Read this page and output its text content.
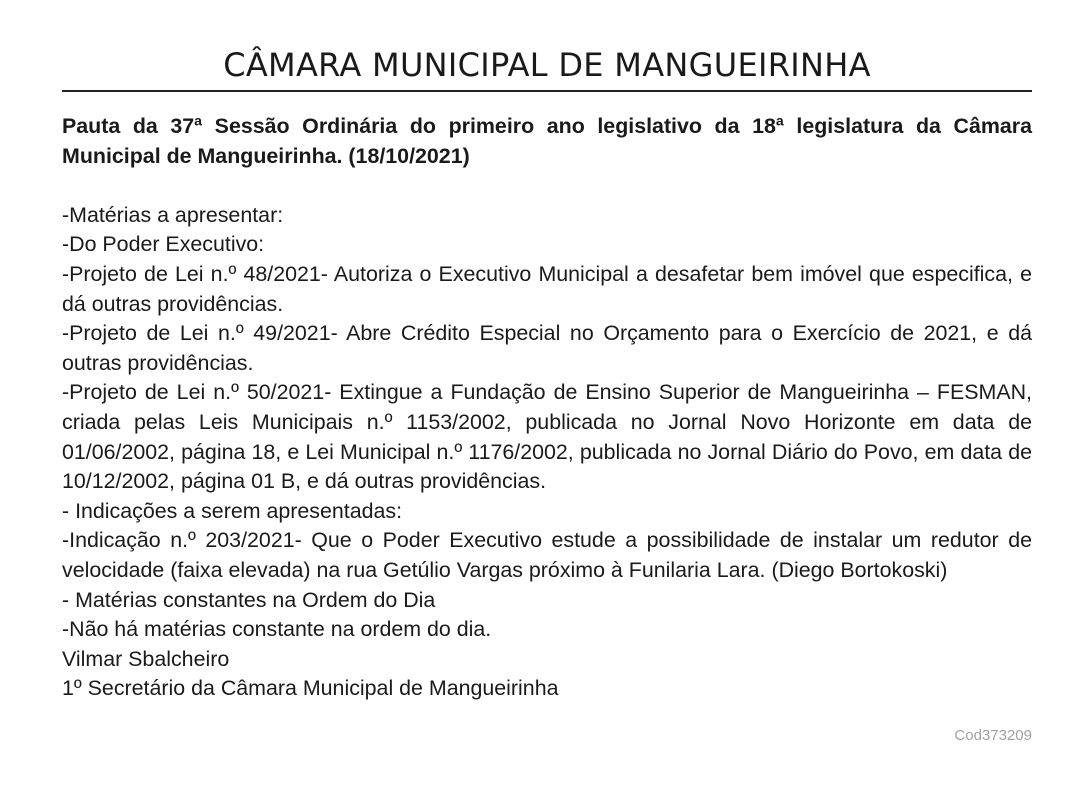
CÂMARA MUNICIPAL DE MANGUEIRINHA

Pauta da 37ª Sessão Ordinária do primeiro ano legislativo da 18ª legislatura da Câmara Municipal de Mangueirinha. (18/10/2021)

-Matérias a apresentar:

-Do Poder Executivo:

-Projeto de Lei n.º 48/2021- Autoriza o Executivo Municipal a desafetar bem imóvel que especifica, e dá outras providências.

-Projeto de Lei n.º 49/2021- Abre Crédito Especial no Orçamento para o Exercício de 2021, e dá outras providências.

-Projeto de Lei n.º 50/2021- Extingue a Fundação de Ensino Superior de Mangueirinha – FESMAN, criada pelas Leis Municipais n.º 1153/2002, publicada no Jornal Novo Horizonte em data de 01/06/2002, página 18, e Lei Municipal n.º 1176/2002, publicada no Jornal Diário do Povo, em data de 10/12/2002, página 01 B, e dá outras providências.

- Indicações a serem apresentadas:

-Indicação n.º 203/2021- Que o Poder Executivo estude a possibilidade de instalar um redutor de velocidade (faixa elevada) na rua Getúlio Vargas próximo à Funilaria Lara. (Diego Bortokoski)

- Matérias constantes na Ordem do Dia

-Não há matérias constante na ordem do dia.

Vilmar Sbalcheiro

1º Secretário da Câmara Municipal de Mangueirinha

Cod373209
